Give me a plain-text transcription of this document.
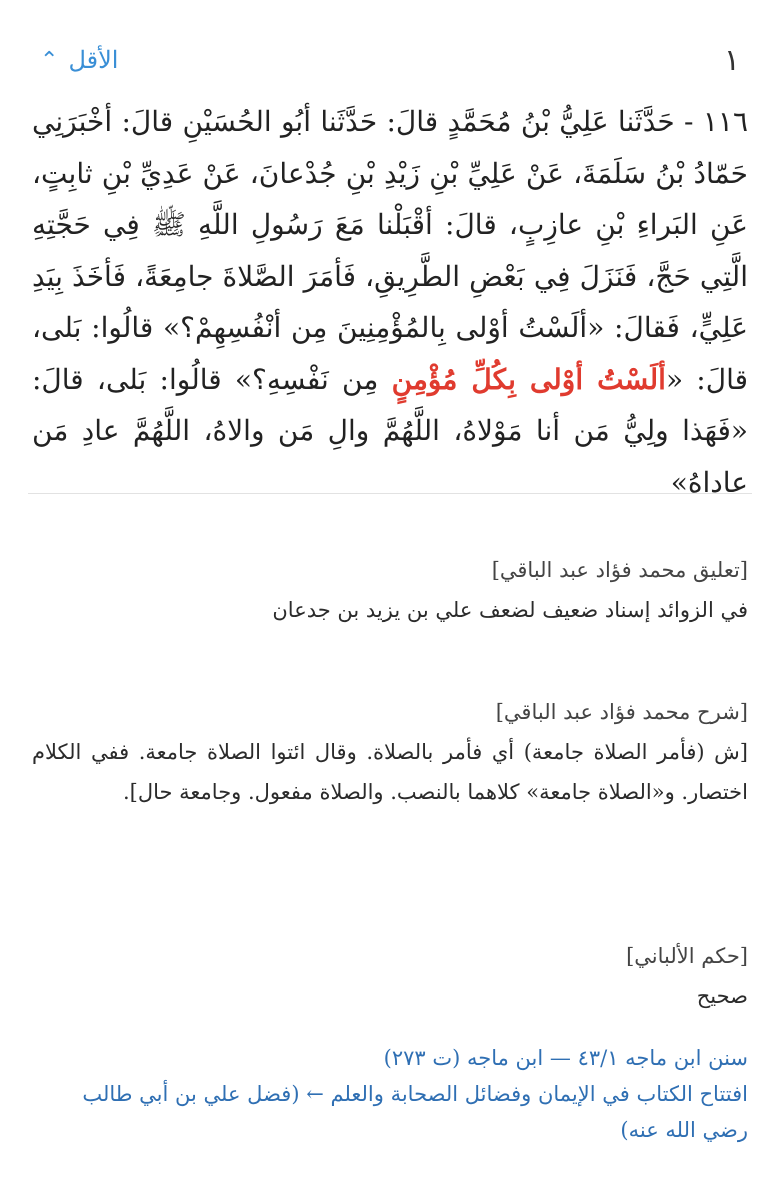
١
الأقل
⌃
١١٦ - حَدَّثَنا عَلِيُّ بْنُ مُحَمَّدٍ قالَ: حَدَّثَنا أبُو الحُسَيْنِ قالَ: أخْبَرَنِي حَمّادُ بْنُ سَلَمَةَ، عَنْ عَلِيِّ بْنِ زَيْدِ بْنِ جُدْعانَ، عَنْ عَدِيِّ بْنِ ثابِتٍ، عَنِ البَراءِ بْنِ عازِبٍ، قالَ: أقْبَلْنا مَعَ رَسُولِ اللَّهِ ﷺ فِي حَجَّتِهِ الَّتِي حَجَّ، فَنَزَلَ فِي بَعْضِ الطَّرِيقِ، فَأمَرَ الصَّلاةَ جامِعَةً، فَأخَذَ بِيَدِ عَلِيٍّ، فَقالَ: «ألَسْتُ أوْلى بِالمُؤْمِنِينَ مِن أنْفُسِهِمْ؟» قالُوا: بَلى، قالَ: «ألَسْتُ أوْلى بِكُلِّ مُؤْمِنٍ مِن نَفْسِهِ؟» قالُوا: بَلى، قالَ: «فَهَذا ولِيُّ مَن أنا مَوْلاهُ، اللَّهُمَّ والِ مَن والاهُ، اللَّهُمَّ عادِ مَن عاداهُ»
[تعليق محمد فؤاد عبد الباقي]
في الزوائد إسناد ضعيف لضعف علي بن يزيد بن جدعان
[شرح محمد فؤاد عبد الباقي]
[ش (فأمر الصلاة جامعة) أي فأمر بالصلاة. وقال ائتوا الصلاة جامعة. ففي الكلام اختصار. و«الصلاة جامعة» كلاهما بالنصب. والصلاة مفعول. وجامعة حال].
[حكم الألباني]
صحيح
سنن ابن ماجه ٤٣/١ — ابن ماجه (ت ٢٧٣)
افتتاح الكتاب في الإيمان وفضائل الصحابة والعلم ← (فضل علي بن أبي طالب رضي الله عنه)
